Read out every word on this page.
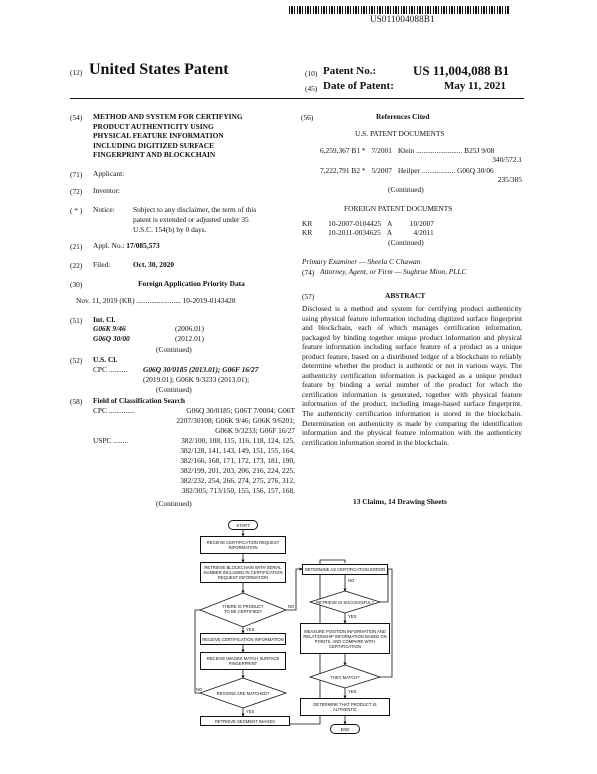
US011004088B1
(12) United States Patent	(10) Patent No.:	US 11,004,088 B1
(45) Date of Patent:	May 11, 2021
(54) METHOD AND SYSTEM FOR CERTIFYING
PRODUCT AUTHENTICITY USING
PHYSICAL FEATURE INFORMATION
INCLUDING DIGITIZED SURFACE
FINGERPRINT AND BLOCKCHAIN
(71) Applicant:
(72) Inventor:
( * ) Notice: Subject to any disclaimer, the term of this
patent is extended or adjusted under 35
U.S.C. 154(b) by 0 days.
(21) Appl. No.: 17/085,573
(22) Filed:	Oct. 30, 2020
(30)	Foreign Application Priority Data
Nov. 11, 2019 (KR) ........................ 10-2019-0143428
(51) Int. Cl.
G06K 9/46	(2006.01)
G06Q 30/00	(2012.01)
(Continued)
(52) U.S. Cl.
CPC .......... G06Q 30/0185 (2013.01); G06F 16/27
(2019.01); G06K 9/3233 (2013.01);
(Continued)
(58) Field of Classification Search
CPC ..............	G06Q 30/0185; G06T 7/0004; G06T
2207/30108; G06K 9/46; G06K 9/6201;
G06K 9/3233; G06F 16/27
USPC ........	382/100, 108, 115, 116, 118, 124, 125,
382/128, 141, 143, 149, 151, 155, 164,
382/166, 168, 171, 172, 173, 181, 190,
382/199, 201, 203, 206, 216, 224, 225,
382/232, 254, 266, 274, 275, 276, 312,
382/305; 713/150, 155, 156, 157, 168,
(Continued)
(56)	References Cited
U.S. PATENT DOCUMENTS
6,259,367 B1 * 7/2001 Klein ......................... B25J 9/08
340/572.1
7,222,791 B2 * 5/2007 Heilper .................. G06Q 30/06
235/385
(Continued)
FOREIGN PATENT DOCUMENTS
KR 10-2007-0104425 A 10/2007
KR 10-2011-0034625 A	4/2011
(Continued)
Primary Examiner — Sheela C Chawan
(74) Attorney, Agent, or Firm — Sughrue Mion, PLLC
(57)	ABSTRACT
Disclosed is a method and system for certifying product authenticity using physical feature information including digitized surface fingerprint and blockchain, each of which manages certification information, packaged by binding together unique product information and physical feature information including surface feature of a product as a unique product feature, based on a distributed ledger of a blockchain to reliably determine whether the product is authentic or not in various ways. The authenticity certification information is packaged as a unique product feature by binding a serial number of the product for which the certification information is generated, together with physical feature information of the product, including image-based surface fingerprint. The authenticity certification information is stored in the blockchain. Determination on authenticity is made by comparing the identification information and the physical feature information with the authenticity certification information stored in the blockchain.
13 Claims, 14 Drawing Sheets
START
RECEIVE CERTIFICATION REQUEST INFORMATION
RETRIEVE BLOCKCHAIN WITH SERIAL NUMBER INCLUDED IN CERTIFICATION REQUEST INFORMATION
THERE IS PRODUCT TO BE CERTIFIED?
NO
YES
RECEIVE CERTIFICATION INFORMATION
RECEIVE IMAGES MATCH SURFACE FINGERPRINT
REGIONS ARE MATCHED?
NO
YES
RETRIEVE SEGMENT IMAGES
DETERMINE AS CERTIFICATION ERROR
NO
RETRIEVE IS SUCCESSFUL?
YES
MEASURE POSITION INFORMATION AND RELATIONSHIP INFORMATION BASED ON POINTS, AND COMPARE WITH CERTIFICATION
THEY MATCH?
YES
DETERMINE THAT PRODUCT IS AUTHENTIC
END
